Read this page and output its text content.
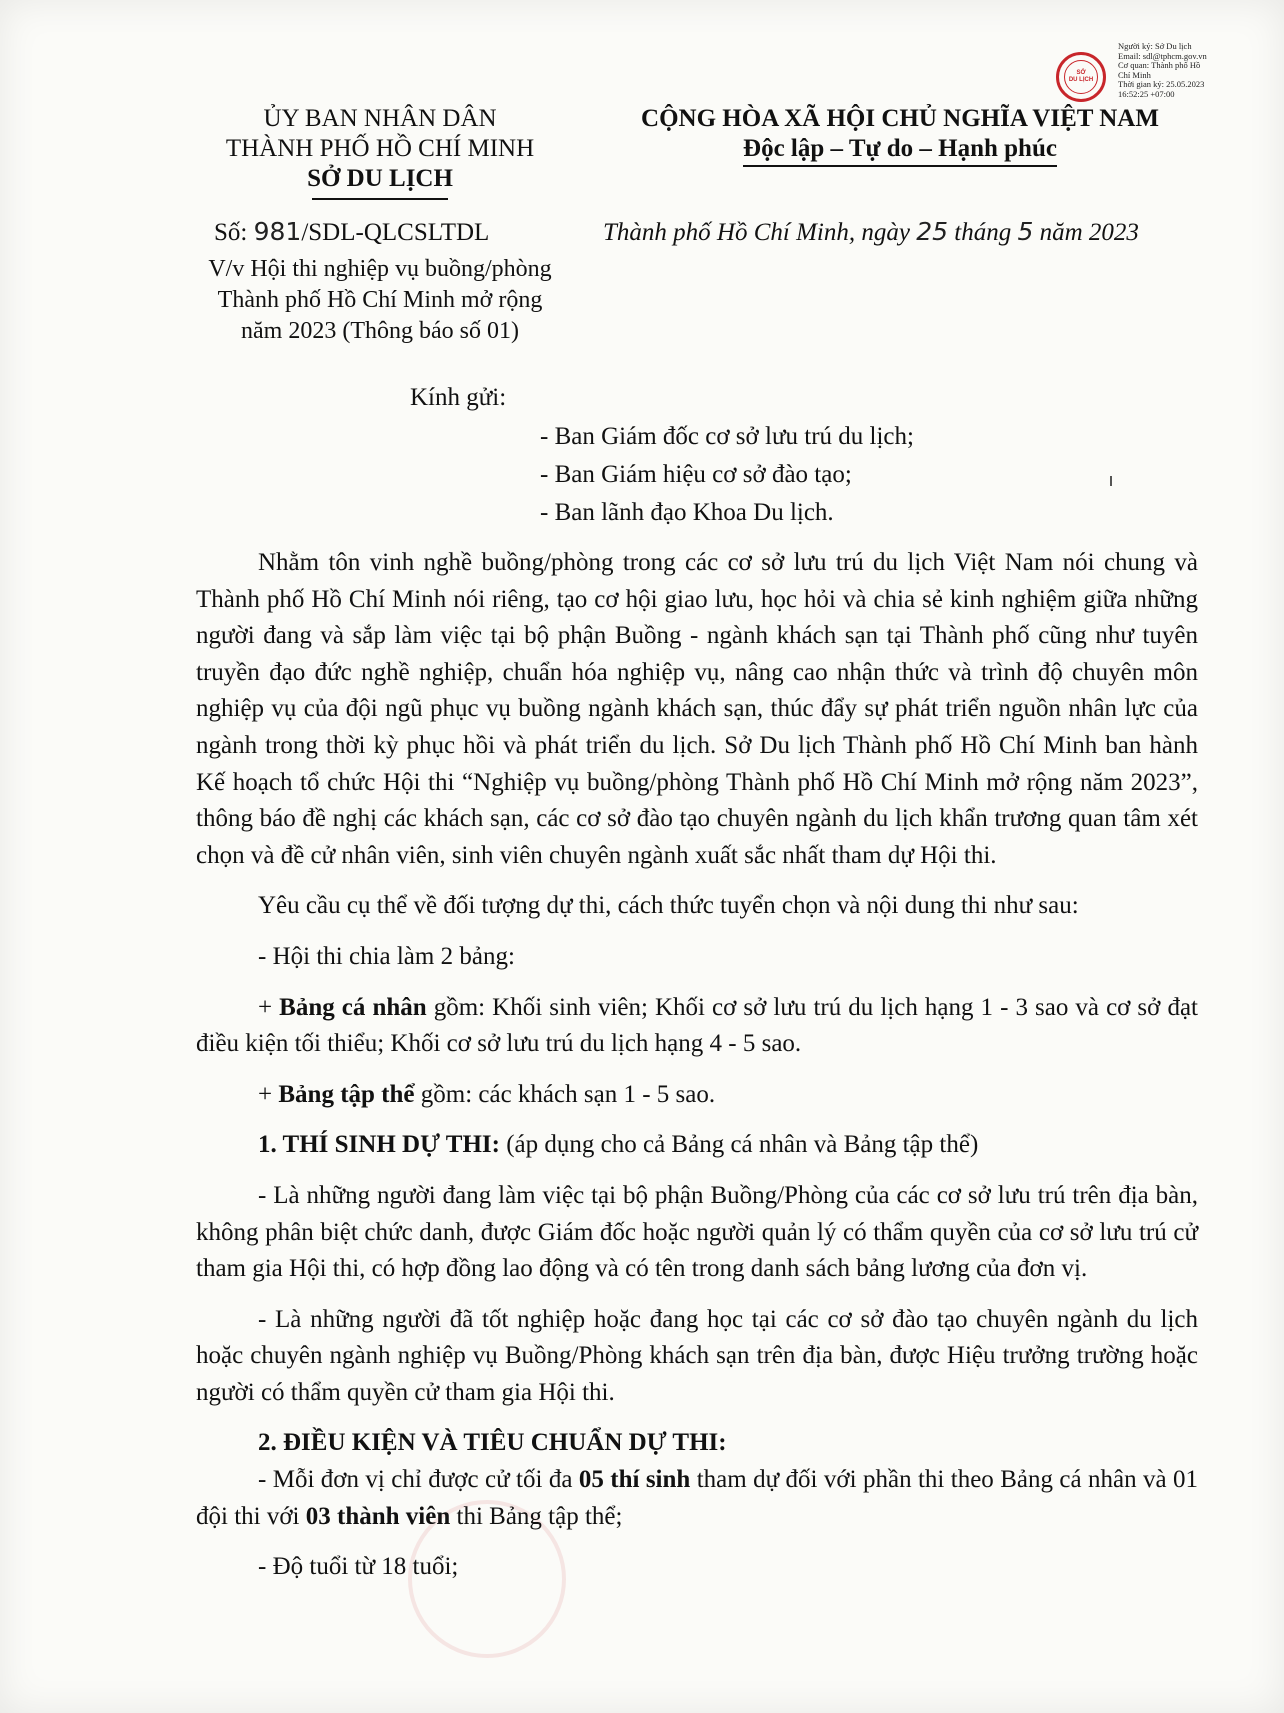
SỞ
DU LỊCH
Người ký: Sở Du lịch
Email: sdl@tphcm.gov.vn
Cơ quan: Thành phố Hồ
Chí Minh
Thời gian ký: 25.05.2023
16:52:25 +07:00
ỦY BAN NHÂN DÂN
THÀNH PHỐ HỒ CHÍ MINH
SỞ DU LỊCH
CỘNG HÒA XÃ HỘI CHỦ NGHĨA VIỆT NAM
Độc lập – Tự do – Hạnh phúc
Số: 981/SDL-QLCSLTDL	Thành phố Hồ Chí Minh, ngày 25 tháng 5 năm 2023
V/v Hội thi nghiệp vụ buồng/phòng
Thành phố Hồ Chí Minh mở rộng
năm 2023 (Thông báo số 01)
Kính gửi:
- Ban Giám đốc cơ sở lưu trú du lịch;
- Ban Giám hiệu cơ sở đào tạo;
- Ban lãnh đạo Khoa Du lịch.

Nhằm tôn vinh nghề buồng/phòng trong các cơ sở lưu trú du lịch Việt Nam nói chung và Thành phố Hồ Chí Minh nói riêng, tạo cơ hội giao lưu, học hỏi và chia sẻ kinh nghiệm giữa những người đang và sắp làm việc tại bộ phận Buồng - ngành khách sạn tại Thành phố cũng như tuyên truyền đạo đức nghề nghiệp, chuẩn hóa nghiệp vụ, nâng cao nhận thức và trình độ chuyên môn nghiệp vụ của đội ngũ phục vụ buồng ngành khách sạn, thúc đẩy sự phát triển nguồn nhân lực của ngành trong thời kỳ phục hồi và phát triển du lịch. Sở Du lịch Thành phố Hồ Chí Minh ban hành Kế hoạch tổ chức Hội thi “Nghiệp vụ buồng/phòng Thành phố Hồ Chí Minh mở rộng năm 2023”, thông báo đề nghị các khách sạn, các cơ sở đào tạo chuyên ngành du lịch khẩn trương quan tâm xét chọn và đề cử nhân viên, sinh viên chuyên ngành xuất sắc nhất tham dự Hội thi.

Yêu cầu cụ thể về đối tượng dự thi, cách thức tuyển chọn và nội dung thi như sau:

- Hội thi chia làm 2 bảng:

+ Bảng cá nhân gồm: Khối sinh viên; Khối cơ sở lưu trú du lịch hạng 1 - 3 sao và cơ sở đạt điều kiện tối thiểu; Khối cơ sở lưu trú du lịch hạng 4 - 5 sao.

+ Bảng tập thể gồm: các khách sạn 1 - 5 sao.

1. THÍ SINH DỰ THI: (áp dụng cho cả Bảng cá nhân và Bảng tập thể)

- Là những người đang làm việc tại bộ phận Buồng/Phòng của các cơ sở lưu trú trên địa bàn, không phân biệt chức danh, được Giám đốc hoặc người quản lý có thẩm quyền của cơ sở lưu trú cử tham gia Hội thi, có hợp đồng lao động và có tên trong danh sách bảng lương của đơn vị.

- Là những người đã tốt nghiệp hoặc đang học tại các cơ sở đào tạo chuyên ngành du lịch hoặc chuyên ngành nghiệp vụ Buồng/Phòng khách sạn trên địa bàn, được Hiệu trưởng trường hoặc người có thẩm quyền cử tham gia Hội thi.

2. ĐIỀU KIỆN VÀ TIÊU CHUẨN DỰ THI:

- Mỗi đơn vị chỉ được cử tối đa 05 thí sinh tham dự đối với phần thi theo Bảng cá nhân và 01 đội thi với 03 thành viên thi Bảng tập thể;

- Độ tuổi từ 18 tuổi;
